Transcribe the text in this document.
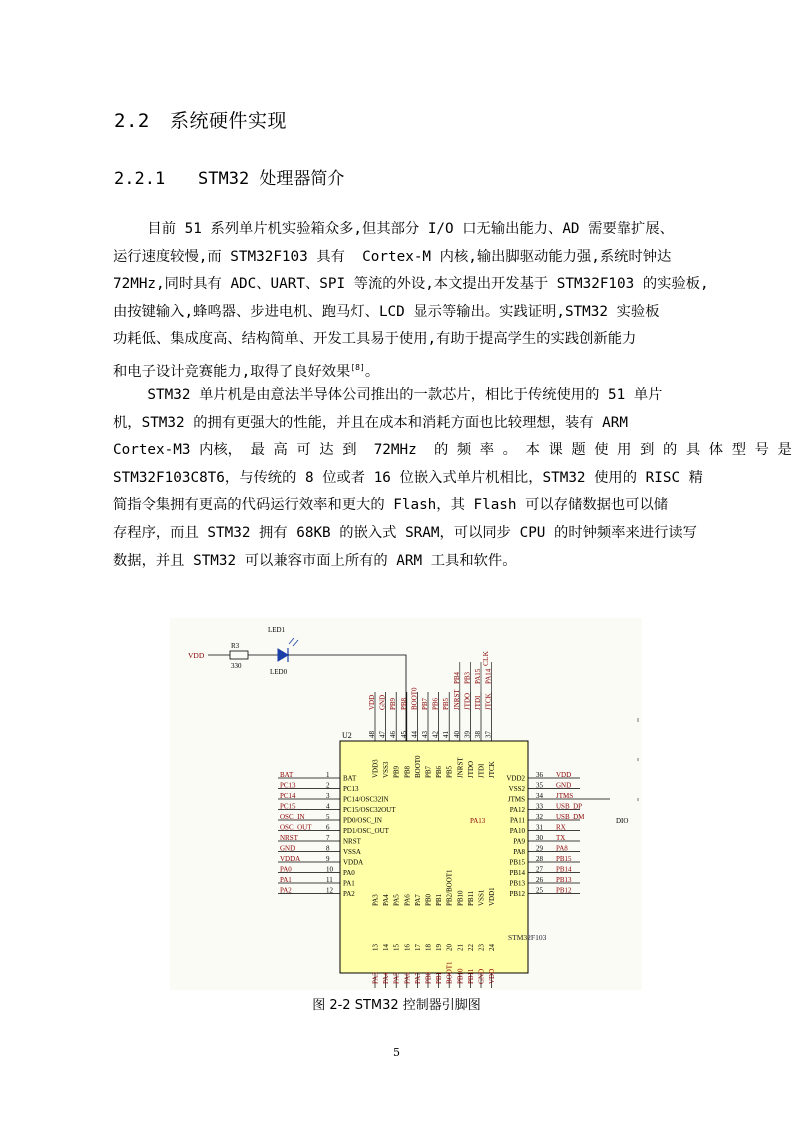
2.2 系统硬件实现
2.2.1 STM32 处理器简介
目前 51 系列单片机实验箱众多,但其部分 I/O 口无输出能力、AD 需要靠扩展、
运行速度较慢,而 STM32F103 具有  Cortex-M 内核,输出脚驱动能力强,系统时钟达
72MHz,同时具有 ADC、UART、SPI 等流的外设,本文提出开发基于 STM32F103 的实验板,
由按键输入,蜂鸣器、步进电机、跑马灯、LCD 显示等输出。实践证明,STM32 实验板
功耗低、集成度高、结构简单、开发工具易于使用,有助于提高学生的实践创新能力
和电子设计竞赛能力,取得了良好效果[8]。
STM32 单片机是由意法半导体公司推出的一款芯片，相比于传统使用的 51 单片
机，STM32 的拥有更强大的性能，并且在成本和消耗方面也比较理想，装有 ARM
Cortex-M3 内核， 最 高 可 达 到  72MHz  的 频 率 。 本 课 题 使 用 到 的 具 体 型 号 是
STM32F103C8T6，与传统的 8 位或者 16 位嵌入式单片机相比，STM32 使用的 RISC 精
简指令集拥有更高的代码运行效率和更大的 Flash，其 Flash 可以存储数据也可以储
存程序，而且 STM32 拥有 68KB 的嵌入式 SRAM，可以同步 CPU 的时钟频率来进行读写
数据，并且 STM32 可以兼容市面上所有的 ARM 工具和软件。
U2
STM32F103
VDD
R3
330
LED1
LED0
CLK
PB4 PB3 PA15 PA14
BAT	1 BAT
PC13	2 PC13
PC14	3 PC14/OSC32IN
PC15	4 PC15/OSC32OUT
OSC_IN	5 PD0/OSC_IN
OSC_OUT 6 PD1/OSC_OUT
NRST	7 NRST
GND	8 VSSA
VDDA	9 VDDA
PA0	10 PA0
PA1	11 PA1
PA2	12 PA2
36 VDD
VDD2
35 GND
VSS2
34 JTMS
JTMS
33 USB_DP
PA12
32 USB_DM
PA11
31 RX
PA10
30 TX
PA9
29 PA8
PA8
28 PB15
PB15
27 PB14
PB14
26 PB13
PB13
25 PB12
PB12
VDD
48
VDD3
GND
47
VSS3
PB9
46
PB9
PB8
45
PB8
BOOT0
44
BOOT0
PB7
43
PB7
PB6
42
PB6
PB5
41
PB5
JNRST
40
JNRST
JTDO
39
JTDO
JTDI
38
JTDI
JTCK
37
JTCK
PA3
13
PA3
PA4
14
PA4
PA5
15
PA5
PA6
16
PA6
PA7
17
PA7
PB0
18
PB0
PB1
19
PB1
PB2/BOOT1
20
BOOT1
PB10
21
PB10
PB11
22
PB11
VSS1
23
GND
VDD1
24
VDD
PA13	DIO
图 2-2 STM32 控制器引脚图
5
